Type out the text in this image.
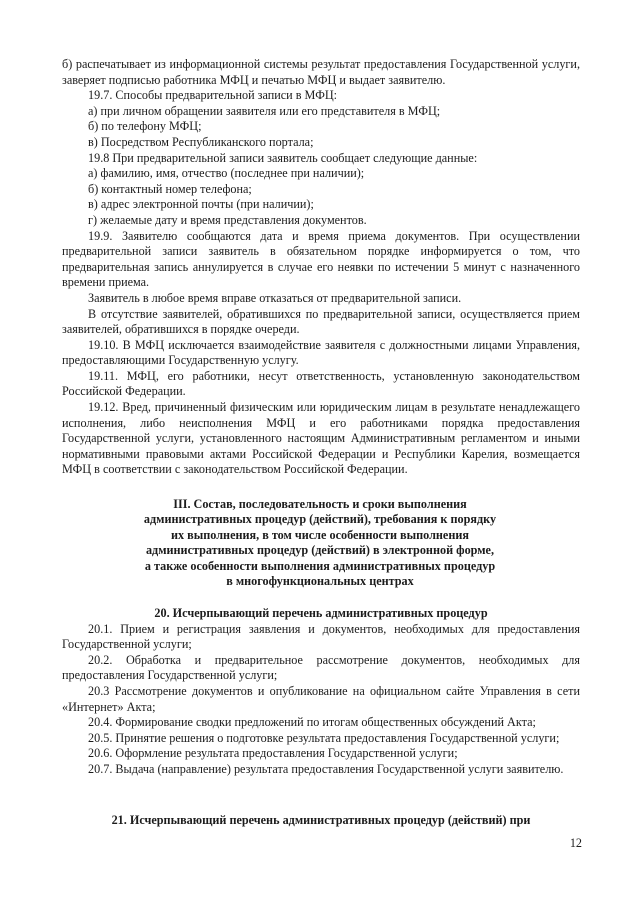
б) распечатывает из информационной системы результат предоставления Государственной услуги, заверяет подписью работника МФЦ и печатью МФЦ и выдает заявителю.

19.7. Способы предварительной записи в МФЦ:

а) при личном обращении заявителя или его представителя в МФЦ;

б) по телефону МФЦ;

в) Посредством Республиканского портала;

19.8 При предварительной записи заявитель сообщает следующие данные:

а) фамилию, имя, отчество (последнее при наличии);

б) контактный номер телефона;

в) адрес электронной почты (при наличии);

г) желаемые дату и время представления документов.

19.9. Заявителю сообщаются дата и время приема документов. При осуществлении предварительной записи заявитель в обязательном порядке информируется о том, что предварительная запись аннулируется в случае его неявки по истечении 5 минут с назначенного времени приема.

Заявитель в любое время вправе отказаться от предварительной записи.

В отсутствие заявителей, обратившихся по предварительной записи, осуществляется прием заявителей, обратившихся в порядке очереди.

19.10. В МФЦ исключается взаимодействие заявителя с должностными лицами Управления, предоставляющими Государственную услугу.

19.11. МФЦ, его работники, несут ответственность, установленную законодательством Российской Федерации.

19.12. Вред, причиненный физическим или юридическим лицам в результате ненадлежащего исполнения, либо неисполнения МФЦ и его работниками порядка предоставления Государственной услуги, установленного настоящим Административным регламентом и иными нормативными правовыми актами Российской Федерации и Республики Карелия, возмещается МФЦ в соответствии с законодательством Российской Федерации.

III. Состав, последовательность и сроки выполнения
административных процедур (действий), требования к порядку
их выполнения, в том числе особенности выполнения
административных процедур (действий) в электронной форме,
а также особенности выполнения административных процедур
в многофункциональных центрах

20. Исчерпывающий перечень административных процедур

20.1. Прием и регистрация заявления и документов, необходимых для предоставления Государственной услуги;

20.2. Обработка и предварительное рассмотрение документов, необходимых для предоставления Государственной услуги;

20.3 Рассмотрение документов и опубликование на официальном сайте Управления в сети «Интернет» Акта;

20.4. Формирование сводки предложений по итогам общественных обсуждений Акта;

20.5. Принятие решения о подготовке результата предоставления Государственной услуги;

20.6. Оформление результата предоставления Государственной услуги;

20.7. Выдача (направление) результата предоставления Государственной услуги заявителю.

21. Исчерпывающий перечень административных процедур (действий) при

12
